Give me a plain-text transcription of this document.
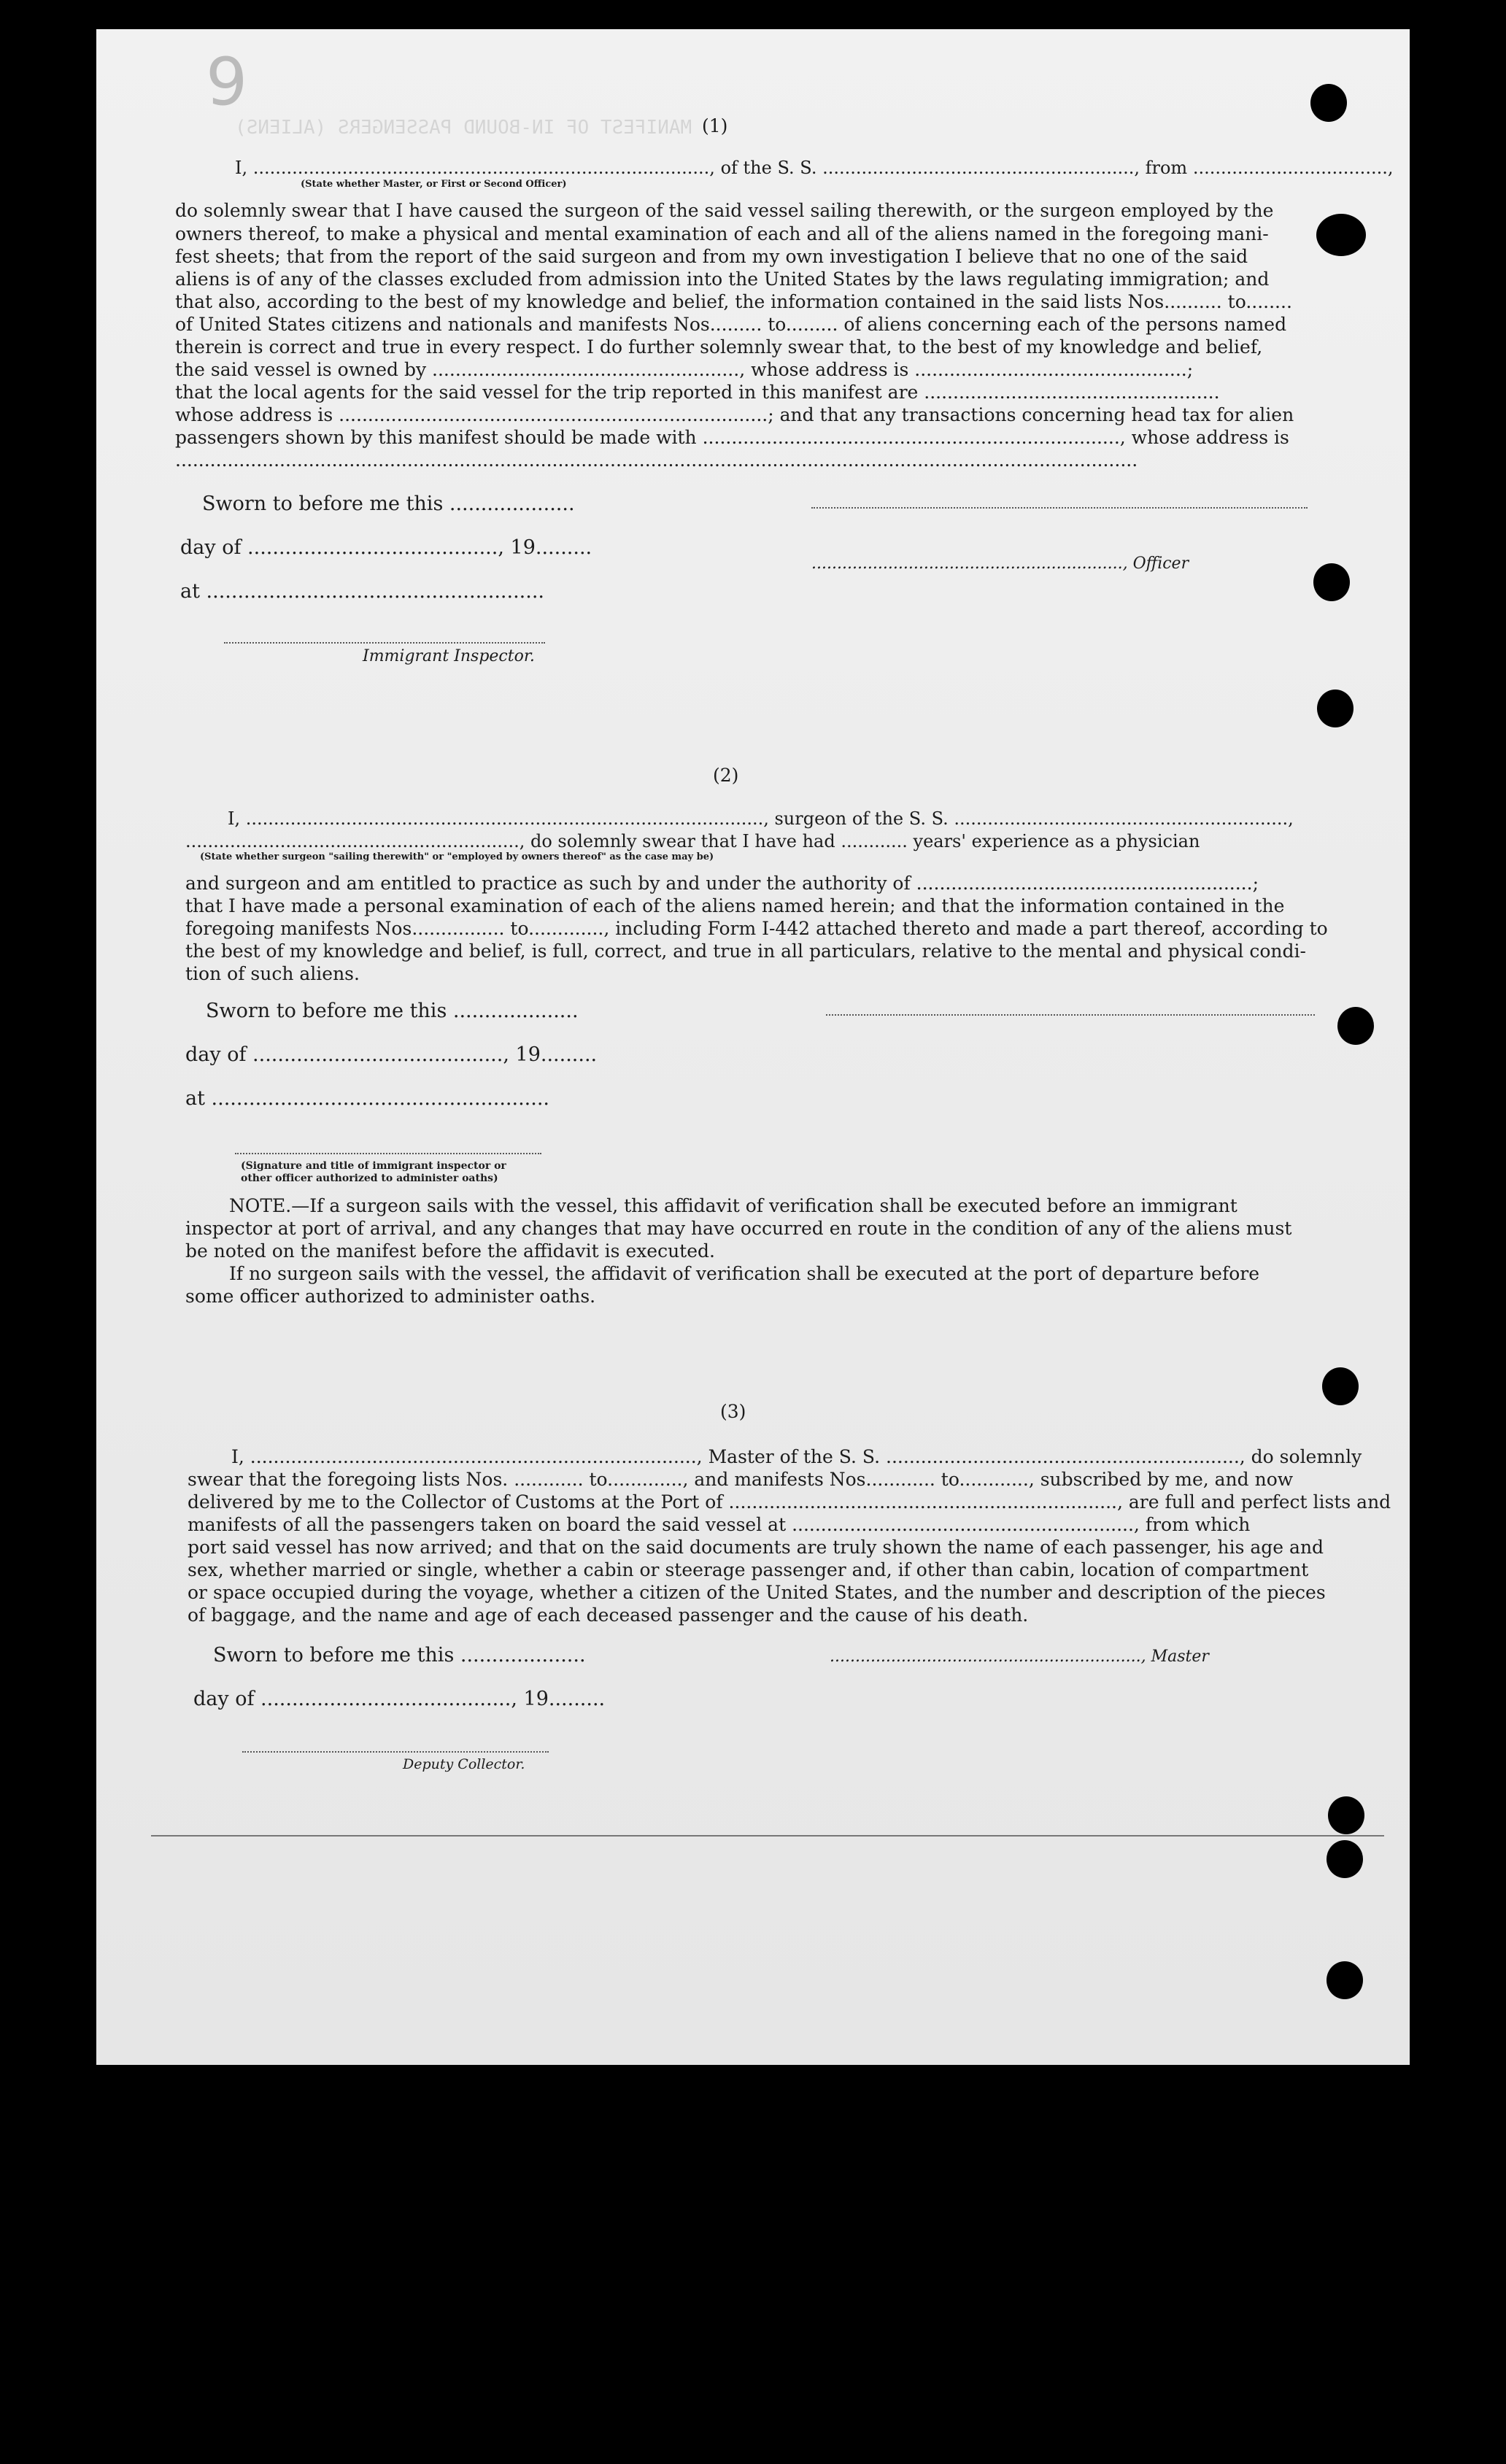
MANIFEST OF IN-BOUND PASSENGERS (ALIENS)
9
(1)
I, .................................................................................., of the S. S. ........................................................, from ...................................,
(State whether Master, or First or Second Officer)
do solemnly swear that I have caused the surgeon of the said vessel sailing therewith, or the surgeon employed by the
owners thereof, to make a physical and mental examination of each and all of the aliens named in the foregoing mani-
fest sheets; that from the report of the said surgeon and from my own investigation I believe that no one of the said
aliens is of any of the classes excluded from admission into the United States by the laws regulating immigration; and
that also, according to the best of my knowledge and belief, the information contained in the said lists Nos.......... to........
of United States citizens and nationals and manifests Nos......... to......... of aliens concerning each of the persons named
therein is correct and true in every respect. I do further solemnly swear that, to the best of my knowledge and belief,
the said vessel is owned by ....................................................., whose address is ...............................................;
that the local agents for the said vessel for the trip reported in this manifest are ...................................................
whose address is ..........................................................................; and that any transactions concerning head tax for alien
passengers shown by this manifest should be made with ........................................................................, whose address is
......................................................................................................................................................................
Sworn to before me this ....................
day of ........................................, 19.........
at ......................................................
Immigrant Inspector.
............................................................., Officer
(2)
I, ............................................................................................., surgeon of the S. S. ............................................................,
............................................................, do solemnly swear that I have had ............ years' experience as a physician
(State whether surgeon "sailing therewith" or "employed by owners thereof" as the case may be)
and surgeon and am entitled to practice as such by and under the authority of ..........................................................;
that I have made a personal examination of each of the aliens named herein; and that the information contained in the
foregoing manifests Nos................ to............., including Form I-442 attached thereto and made a part thereof, according to
the best of my knowledge and belief, is full, correct, and true in all particulars, relative to the mental and physical condi-
tion of such aliens.
Sworn to before me this ....................
day of ........................................, 19.........
at ......................................................
(Signature and title of immigrant inspector or
other officer authorized to administer oaths)
NOTE.—If a surgeon sails with the vessel, this affidavit of verification shall be executed before an immigrant
inspector at port of arrival, and any changes that may have occurred en route in the condition of any of the aliens must
be noted on the manifest before the affidavit is executed.
If no surgeon sails with the vessel, the affidavit of verification shall be executed at the port of departure before
some officer authorized to administer oaths.
(3)
I, ............................................................................., Master of the S. S. ............................................................., do solemnly
swear that the foregoing lists Nos. ............ to............., and manifests Nos............ to............, subscribed by me, and now
delivered by me to the Collector of Customs at the Port of ..................................................................., are full and perfect lists and
manifests of all the passengers taken on board the said vessel at ..........................................................., from which
port said vessel has now arrived; and that on the said documents are truly shown the name of each passenger, his age and
sex, whether married or single, whether a cabin or steerage passenger and, if other than cabin, location of compartment
or space occupied during the voyage, whether a citizen of the United States, and the number and description of the pieces
of baggage, and the name and age of each deceased passenger and the cause of his death.
Sworn to before me this ....................	............................................................., Master
day of ........................................, 19.........
Deputy Collector.
